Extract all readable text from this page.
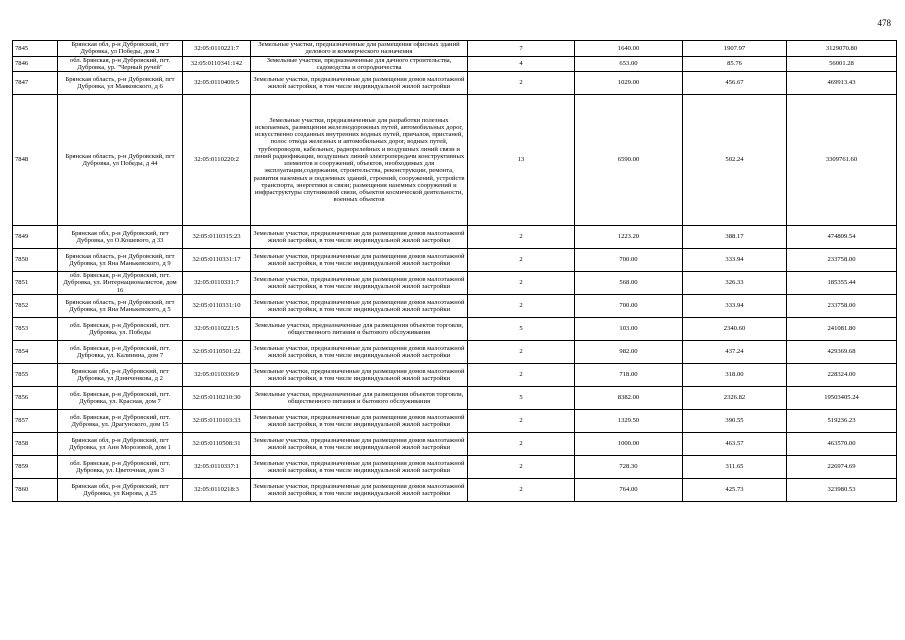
478
7845	Брянская обл, р-н Дубровский, пгт Дубровка, ул Победы, дом 3	32:05:0110221:7	Земельные участки, предназначенные для размещения офисных зданий делового и коммерческого назначения	7	1640.00	1907.97	3129070.80
7846	обл. Брянская, р-н Дубровский, пгт. Дубровка, ур. "Черный ручей"	32:05:0110341:142	Земельные участки, предназначенные для дачного строительства, садоводства и огородничества	4	653.00	85.76	56001.28
7847	Брянская область, р-н Дубровский, пгт Дубровка, ул Маяковского, д 6	32:05:0110409:5	Земельные участки, предназначенные для размещения домов малоэтажной жилой застройки, в том числе индивидуальной жилой застройки	2	1029.00	456.67	469913.43
7848	Брянская область, р-н Дубровский, пгт Дубровка, ул Победы, д 44	32:05:0110220:2	Земельные участки, предназначенные для разработки полезных ископаемых, размещения железнодорожных путей, автомобильных дорог, искусственно созданных внутренних водных путей, причалов, пристаней, полос отвода железных и автомобильных дорог, водных путей, трубопроводов, кабельных, радиорелейных и воздушных линий связи и линий радиофикации, воздушных линий электропередачи конструктивных элементов и сооружений, объектов, необходимых для эксплуатации,содержания, строительства, реконструкции, ремонта, развития наземных и подземных зданий, строений, сооружений, устройств транспорта, энергетики и связи; размещения наземных сооружений и инфраструктуры спутниковой связи, объектов космической деятельности, военных объектов	13	6590.00	502.24	3309761.60
7849	Брянская обл, р-н Дубровский, пгт Дубровка, ул О.Кошевого, д 33	32:05:0110315:23	Земельные участки, предназначенные для размещения домов малоэтажной жилой застройки, в том числе индивидуальной жилой застройки	2	1223.20	388.17	474809.54
7850	Брянская область, р-н Дубровский, пгт Дубровка, ул Яна Манькевского, д 9	32:05:0110331:17	Земельные участки, предназначенные для размещения домов малоэтажной жилой застройки, в том числе индивидуальной жилой застройки	2	700.00	333.94	233758.00
7851	обл. Брянская, р-н Дубровский, пгт. Дубровка, ул. Интернационалистов, дом 16	32:05:0110331:7	Земельные участки, предназначенные для размещения домов малоэтажной жилой застройки, в том числе индивидуальной жилой застройки	2	568.00	326.33	185355.44
7852	Брянская область, р-н Дубровский, пгт Дубровка, ул Яна Манькевского, д 5	32:05:0110331:10	Земельные участки, предназначенные для размещения домов малоэтажной жилой застройки, в том числе индивидуальной жилой застройки	2	700.00	333.94	233758.00
7853	обл. Брянская, р-н Дубровский, пгт. Дубровка, ул. Победы	32:05:0110221:5	Земельные участки, предназначенные для размещения объектов торговли, общественного питания и бытового обслуживания	5	103.00	2340.60	241081.80
7854	обл. Брянская, р-н Дубровский, пгт. Дубровка, ул. Калинина, дом 7	32:05:0110501:22	Земельные участки, предназначенные для размещения домов малоэтажной жилой застройки, в том числе индивидуальной жилой застройки	2	982.00	437.24	429369.68
7855	Брянская обл, р-н Дубровский, пгт Дубровка, ул Дзинченкова, д 2	32:05:0110336:9	Земельные участки, предназначенные для размещения домов малоэтажной жилой застройки, в том числе индивидуальной жилой застройки	2	718.00	318.00	228324.00
7856	обл. Брянская, р-н Дубровский, пгт. Дубровка, ул. Красная, дом 7	32:05:0110210:30	Земельные участки, предназначенные для размещения объектов торговли, общественного питания и бытового обслуживания	5	8382.00	2326.82	19503405.24
7857	обл. Брянская, р-н Дубровский, пгт. Дубровка, ул. Драгунского, дом 15	32:05:0110103:33	Земельные участки, предназначенные для размещения домов малоэтажной жилой застройки, в том числе индивидуальной жилой застройки	2	1329.50	390.55	519236.23
7858	Брянская обл, р-н Дубровский, пгт Дубровка, ул Анн Морозовой, дом 1	32:05:0110508:31	Земельные участки, предназначенные для размещения домов малоэтажной жилой застройки, в том числе индивидуальной жилой застройки	2	1000.00	463.57	463570.00
7859	обл. Брянская, р-н Дубровский, пгт. Дубровка, ул. Цветочная, дом 3	32:05:0110337:1	Земельные участки, предназначенные для размещения домов малоэтажной жилой застройки, в том числе индивидуальной жилой застройки	2	728.30	311.65	226974.69
7860	Брянская обл, р-н Дубровский, пгт Дубровка, ул Кирова, д 25	32:05:0110218:3	Земельные участки, предназначенные для размещения домов малоэтажной жилой застройки, в том числе индивидуальной жилой застройки	2	764.00	425.73	323980.53
